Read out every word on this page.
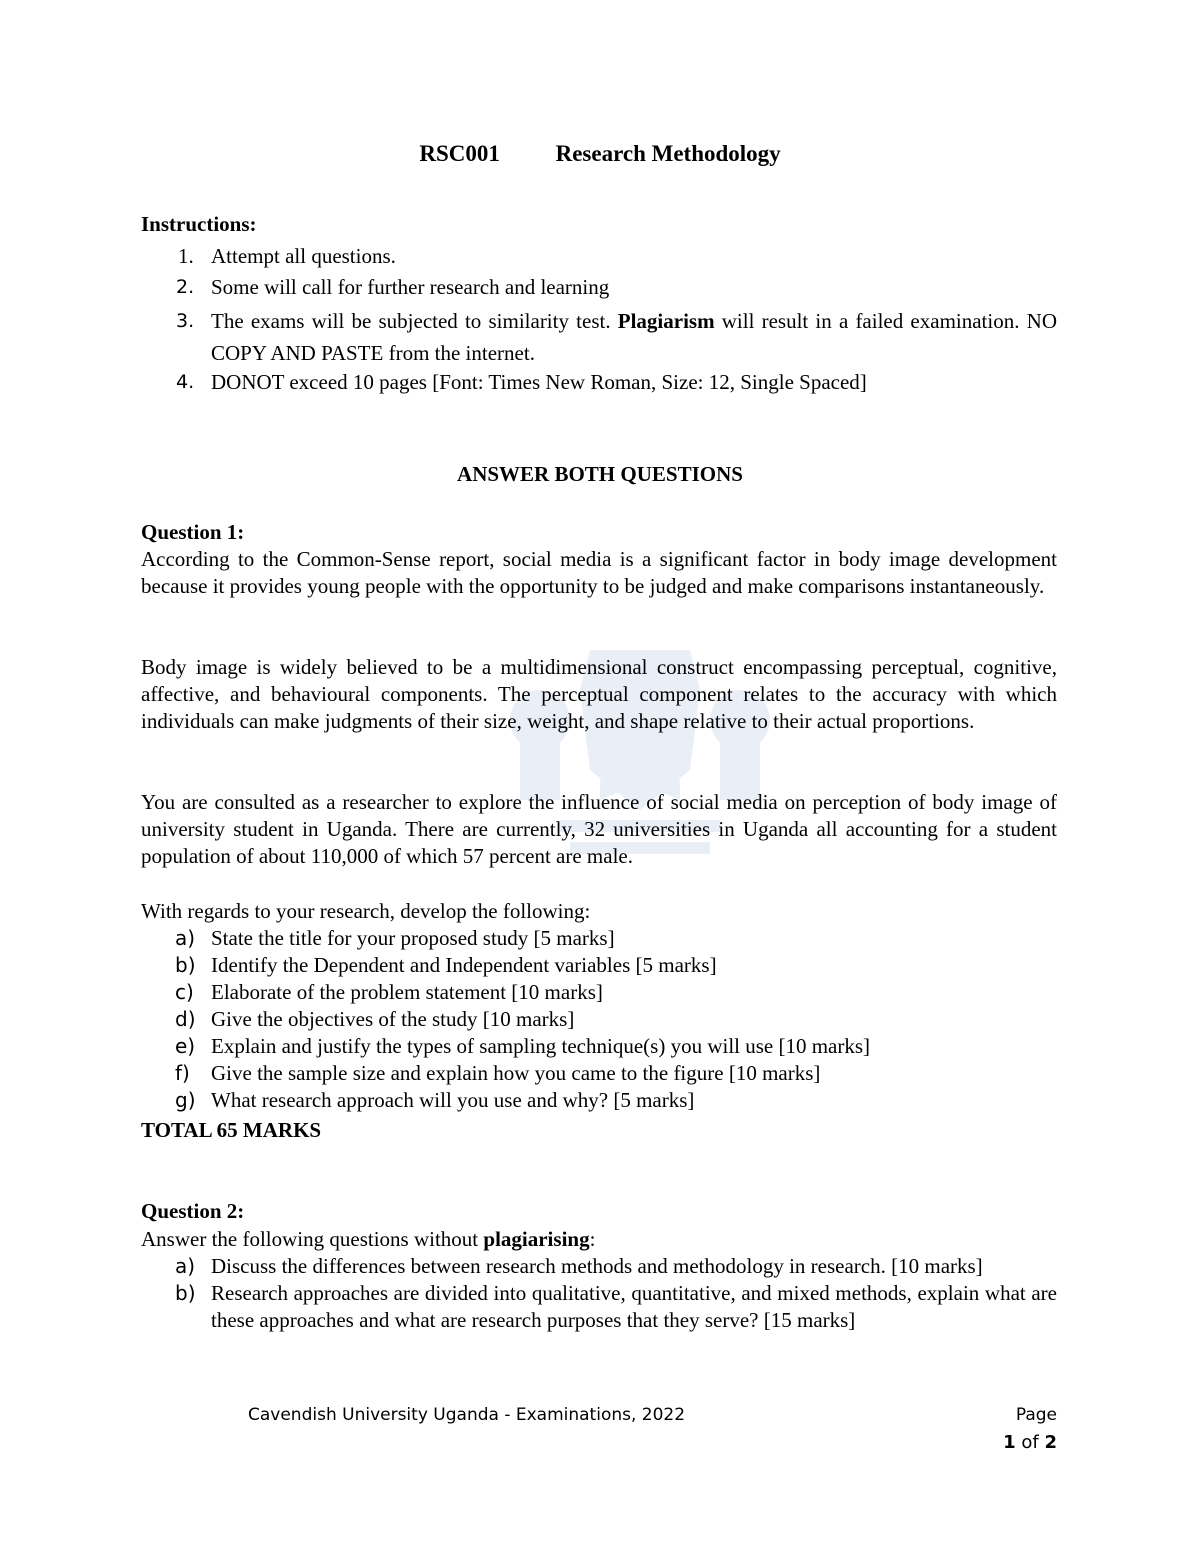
RSC001 Research Methodology
Instructions:
1. Attempt all questions.
2. Some will call for further research and learning
3. The exams will be subjected to similarity test. Plagiarism will result in a failed examination. NO COPY AND PASTE from the internet.
4. DONOT exceed 10 pages [Font: Times New Roman, Size: 12, Single Spaced]
ANSWER BOTH QUESTIONS
Question 1:
According to the Common-Sense report, social media is a significant factor in body image development because it provides young people with the opportunity to be judged and make comparisons instantaneously.
Body image is widely believed to be a multidimensional construct encompassing perceptual, cognitive, affective, and behavioural components. The perceptual component relates to the accuracy with which individuals can make judgments of their size, weight, and shape relative to their actual proportions.
You are consulted as a researcher to explore the influence of social media on perception of body image of university student in Uganda. There are currently, 32 universities in Uganda all accounting for a student population of about 110,000 of which 57 percent are male.
With regards to your research, develop the following:
a) State the title for your proposed study [5 marks]
b) Identify the Dependent and Independent variables [5 marks]
c) Elaborate of the problem statement [10 marks]
d) Give the objectives of the study [10 marks]
e) Explain and justify the types of sampling technique(s) you will use [10 marks]
f) Give the sample size and explain how you came to the figure [10 marks]
g) What research approach will you use and why? [5 marks]
TOTAL 65 MARKS
Question 2:
Answer the following questions without plagiarising:
a) Discuss the differences between research methods and methodology in research. [10 marks]
b) Research approaches are divided into qualitative, quantitative, and mixed methods, explain what are these approaches and what are research purposes that they serve? [15 marks]
Cavendish University Uganda - Examinations, 2022	Page
1 of 2
